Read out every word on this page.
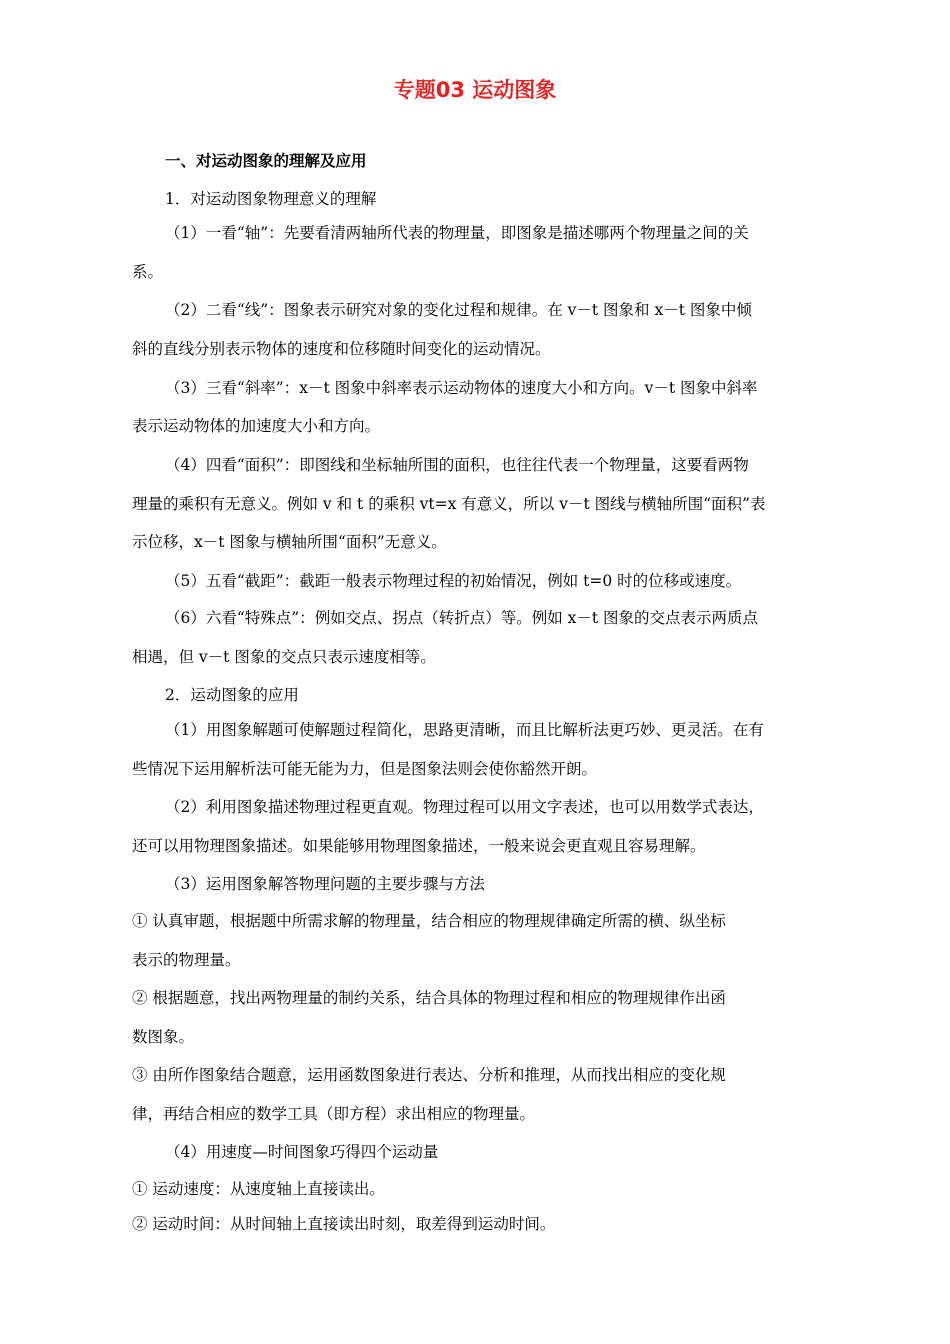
专题03 运动图象
一、对运动图象的理解及应用

1．对运动图象物理意义的理解

（1）一看“轴”：先要看清两轴所代表的物理量，即图象是描述哪两个物理量之间的关

系。

（2）二看“线”：图象表示研究对象的变化过程和规律。在 v－t 图象和 x－t 图象中倾

斜的直线分别表示物体的速度和位移随时间变化的运动情况。

（3）三看“斜率”：x－t 图象中斜率表示运动物体的速度大小和方向。v－t 图象中斜率

表示运动物体的加速度大小和方向。

（4）四看“面积”：即图线和坐标轴所围的面积，也往往代表一个物理量，这要看两物

理量的乘积有无意义。例如 v 和 t 的乘积 vt=x 有意义，所以 v－t 图线与横轴所围“面积”表

示位移，x－t 图象与横轴所围“面积”无意义。

（5）五看“截距”：截距一般表示物理过程的初始情况，例如 t=0 时的位移或速度。

（6）六看“特殊点”：例如交点、拐点（转折点）等。例如 x－t 图象的交点表示两质点

相遇，但 v－t 图象的交点只表示速度相等。

2．运动图象的应用

（1）用图象解题可使解题过程简化，思路更清晰，而且比解析法更巧妙、更灵活。在有

些情况下运用解析法可能无能为力，但是图象法则会使你豁然开朗。

（2）利用图象描述物理过程更直观。物理过程可以用文字表述，也可以用数学式表达，

还可以用物理图象描述。如果能够用物理图象描述，一般来说会更直观且容易理解。

（3）运用图象解答物理问题的主要步骤与方法

① 认真审题，根据题中所需求解的物理量，结合相应的物理规律确定所需的横、纵坐标

表示的物理量。

② 根据题意，找出两物理量的制约关系，结合具体的物理过程和相应的物理规律作出函

数图象。

③ 由所作图象结合题意，运用函数图象进行表达、分析和推理，从而找出相应的变化规

律，再结合相应的数学工具（即方程）求出相应的物理量。

（4）用速度—时间图象巧得四个运动量

① 运动速度：从速度轴上直接读出。

② 运动时间：从时间轴上直接读出时刻，取差得到运动时间。
